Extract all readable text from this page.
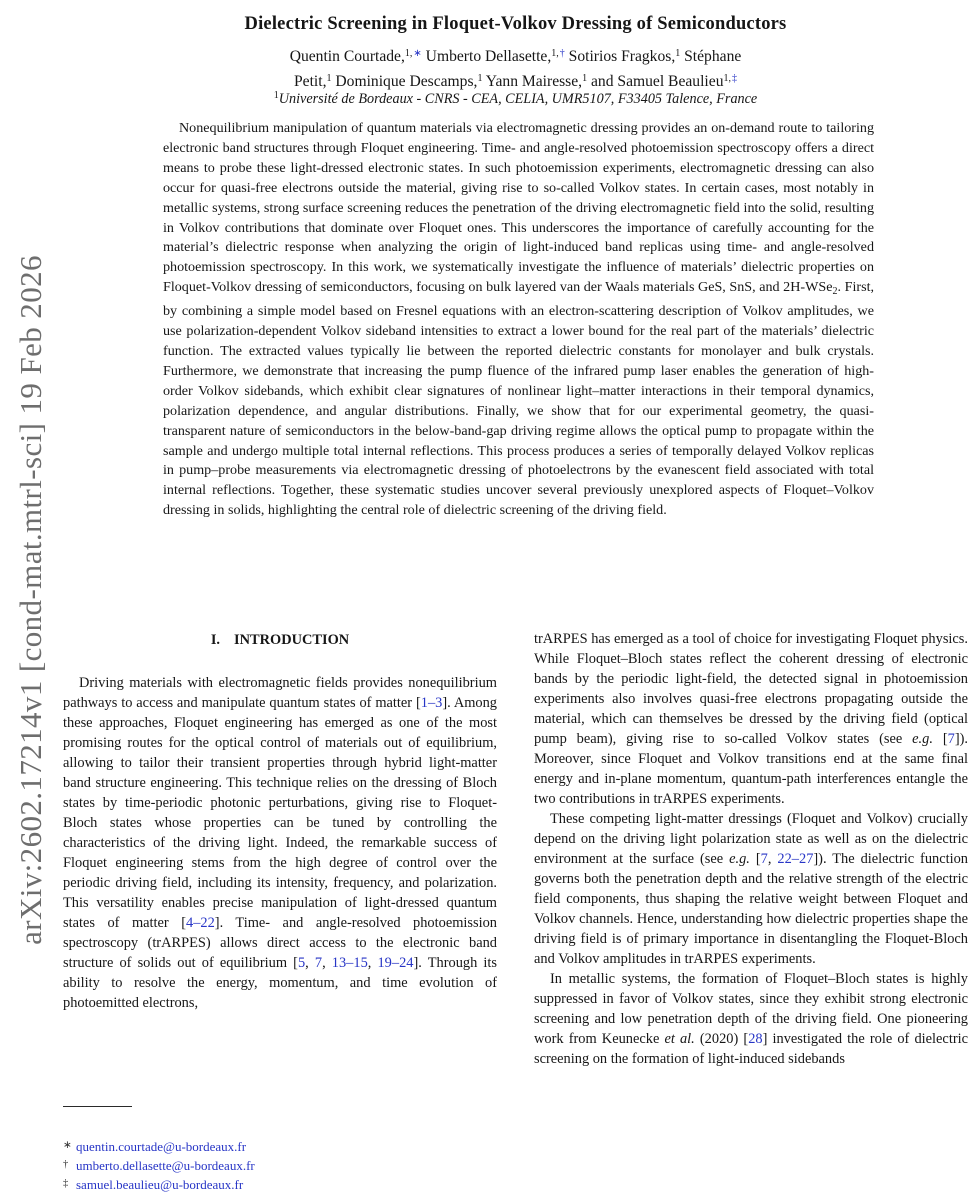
arXiv:2602.17214v1 [cond-mat.mtrl-sci] 19 Feb 2026
Dielectric Screening in Floquet-Volkov Dressing of Semiconductors
Quentin Courtade,$^{1,∗}$ Umberto Dellasette,$^{1,\dagger}$ Sotirios Fragkos,$^1$ Stéphane
Petit,$^1$ Dominique Descamps,$^1$ Yann Mairesse,$^1$ and Samuel Beaulieu$^{1,\ddagger}$
$^1$Université de Bordeaux - CNRS - CEA, CELIA, UMR5107, F33405 Talence, France
Nonequilibrium manipulation of quantum materials via electromagnetic dressing provides an on-demand route to tailoring electronic band structures through Floquet engineering. Time- and angle-resolved photoemission spectroscopy offers a direct means to probe these light-dressed electronic states. In such photoemission experiments, electromagnetic dressing can also occur for quasi-free electrons outside the material, giving rise to so-called Volkov states. In certain cases, most notably in metallic systems, strong surface screening reduces the penetration of the driving electromagnetic field into the solid, resulting in Volkov contributions that dominate over Floquet ones. This underscores the importance of carefully accounting for the material’s dielectric response when analyzing the origin of light-induced band replicas using time- and angle-resolved photoemission spectroscopy. In this work, we systematically investigate the influence of materials’ dielectric properties on Floquet-Volkov dressing of semiconductors, focusing on bulk layered van der Waals materials GeS, SnS, and 2H-WSe$_2$. First, by combining a simple model based on Fresnel equations with an electron-scattering description of Volkov amplitudes, we use polarization-dependent Volkov sideband intensities to extract a lower bound for the real part of the materials’ dielectric function. The extracted values typically lie between the reported dielectric constants for monolayer and bulk crystals. Furthermore, we demonstrate that increasing the pump fluence of the infrared pump laser enables the generation of high-order Volkov sidebands, which exhibit clear signatures of nonlinear light–matter interactions in their temporal dynamics, polarization dependence, and angular distributions. Finally, we show that for our experimental geometry, the quasi-transparent nature of semiconductors in the below-band-gap driving regime allows the optical pump to propagate within the sample and undergo multiple total internal reflections. This process produces a series of temporally delayed Volkov replicas in pump–probe measurements via electromagnetic dressing of photoelectrons by the evanescent field associated with total internal reflections. Together, these systematic studies uncover several previously unexplored aspects of Floquet–Volkov dressing in solids, highlighting the central role of dielectric screening of the driving field.
I. INTRODUCTION

Driving materials with electromagnetic fields provides nonequilibrium pathways to access and manipulate quantum states of matter [1–3]. Among these approaches, Floquet engineering has emerged as one of the most promising routes for the optical control of materials out of equilibrium, allowing to tailor their transient properties through hybrid light-matter band structure engineering. This technique relies on the dressing of Bloch states by time-periodic photonic perturbations, giving rise to Floquet-Bloch states whose properties can be tuned by controlling the characteristics of the driving light. Indeed, the remarkable success of Floquet engineering stems from the high degree of control over the periodic driving field, including its intensity, frequency, and polarization. This versatility enables precise manipulation of light-dressed quantum states of matter [4–22]. Time- and angle-resolved photoemission spectroscopy (trARPES) allows direct access to the electronic band structure of solids out of equilibrium [5, 7, 13–15, 19–24]. Through its ability to resolve the energy, momentum, and time evolution of photoemitted electrons,

trARPES has emerged as a tool of choice for investigating Floquet physics. While Floquet–Bloch states reflect the coherent dressing of electronic bands by the periodic light-field, the detected signal in photoemission experiments also involves quasi-free electrons propagating outside the material, which can themselves be dressed by the driving field (optical pump beam), giving rise to so-called Volkov states (see e.g. [7]). Moreover, since Floquet and Volkov transitions end at the same final energy and in-plane momentum, quantum-path interferences entangle the two contributions in trARPES experiments.

These competing light-matter dressings (Floquet and Volkov) crucially depend on the driving light polarization state as well as on the dielectric environment at the surface (see e.g. [7, 22–27]). The dielectric function governs both the penetration depth and the relative strength of the electric field components, thus shaping the relative weight between Floquet and Volkov channels. Hence, understanding how dielectric properties shape the driving field is of primary importance in disentangling the Floquet-Bloch and Volkov amplitudes in trARPES experiments.

In metallic systems, the formation of Floquet–Bloch states is highly suppressed in favor of Volkov states, since they exhibit strong electronic screening and low penetration depth of the driving field. One pioneering work from Keunecke et al. (2020) [28] investigated the role of dielectric screening on the formation of light-induced sidebands

∗ quentin.courtade@u-bordeaux.fr
† umberto.dellasette@u-bordeaux.fr
‡ samuel.beaulieu@u-bordeaux.fr
